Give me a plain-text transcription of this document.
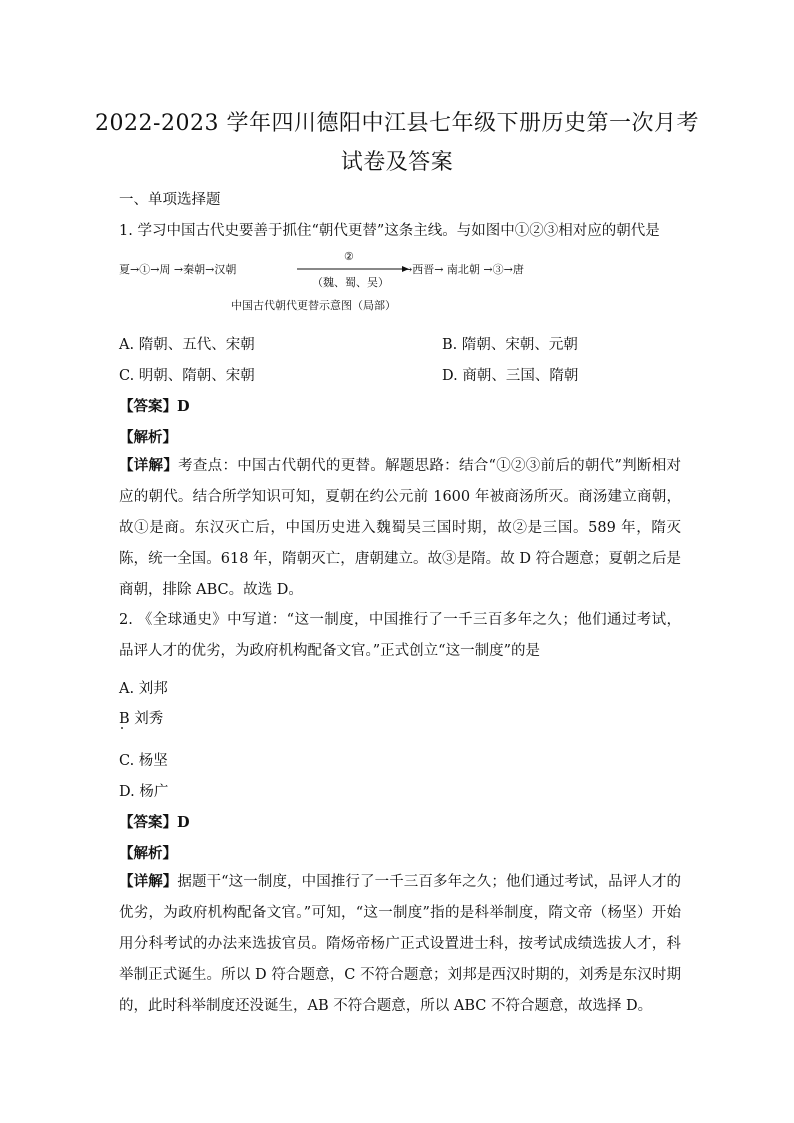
2022-2023 学年四川德阳中江县七年级下册历史第一次月考
试卷及答案
一、单项选择题
1. 学习中国古代史要善于抓住“朝代更替”这条主线。与如图中①②③相对应的朝代是
②
夏→①→周 →秦朝→汉朝
（魏、蜀、吴）
→西晋→ 南北朝 →③→唐
中国古代朝代更替示意图（局部）
A. 隋朝、五代、宋朝	B. 隋朝、宋朝、元朝
C. 明朝、隋朝、宋朝	D. 商朝、三国、隋朝
【答案】D
【解析】
【详解】考查点：中国古代朝代的更替。解题思路：结合“①②③前后的朝代”判断相对应的朝代。结合所学知识可知，夏朝在约公元前 1600 年被商汤所灭。商汤建立商朝，故①是商。东汉灭亡后，中国历史进入魏蜀吴三国时期，故②是三国。589 年，隋灭陈，统一全国。618 年，隋朝灭亡，唐朝建立。故③是隋。故 D 符合题意；夏朝之后是商朝，排除 ABC。故选 D。
2. 《全球通史》中写道：“这一制度，中国推行了一千三百多年之久；他们通过考试，品评人才的优劣，为政府机构配备文官。”正式创立“这一制度”的是
A. 刘邦
B 刘秀
C. 杨坚
D. 杨广
【答案】D
【解析】
【详解】据题干“这一制度，中国推行了一千三百多年之久；他们通过考试，品评人才的优劣，为政府机构配备文官。”可知，“这一制度”指的是科举制度，隋文帝（杨坚）开始用分科考试的办法来选拔官员。隋炀帝杨广正式设置进士科，按考试成绩选拔人才，科举制正式诞生。所以 D 符合题意，C 不符合题意；刘邦是西汉时期的，刘秀是东汉时期的，此时科举制度还没诞生，AB 不符合题意，所以 ABC 不符合题意，故选择 D。
